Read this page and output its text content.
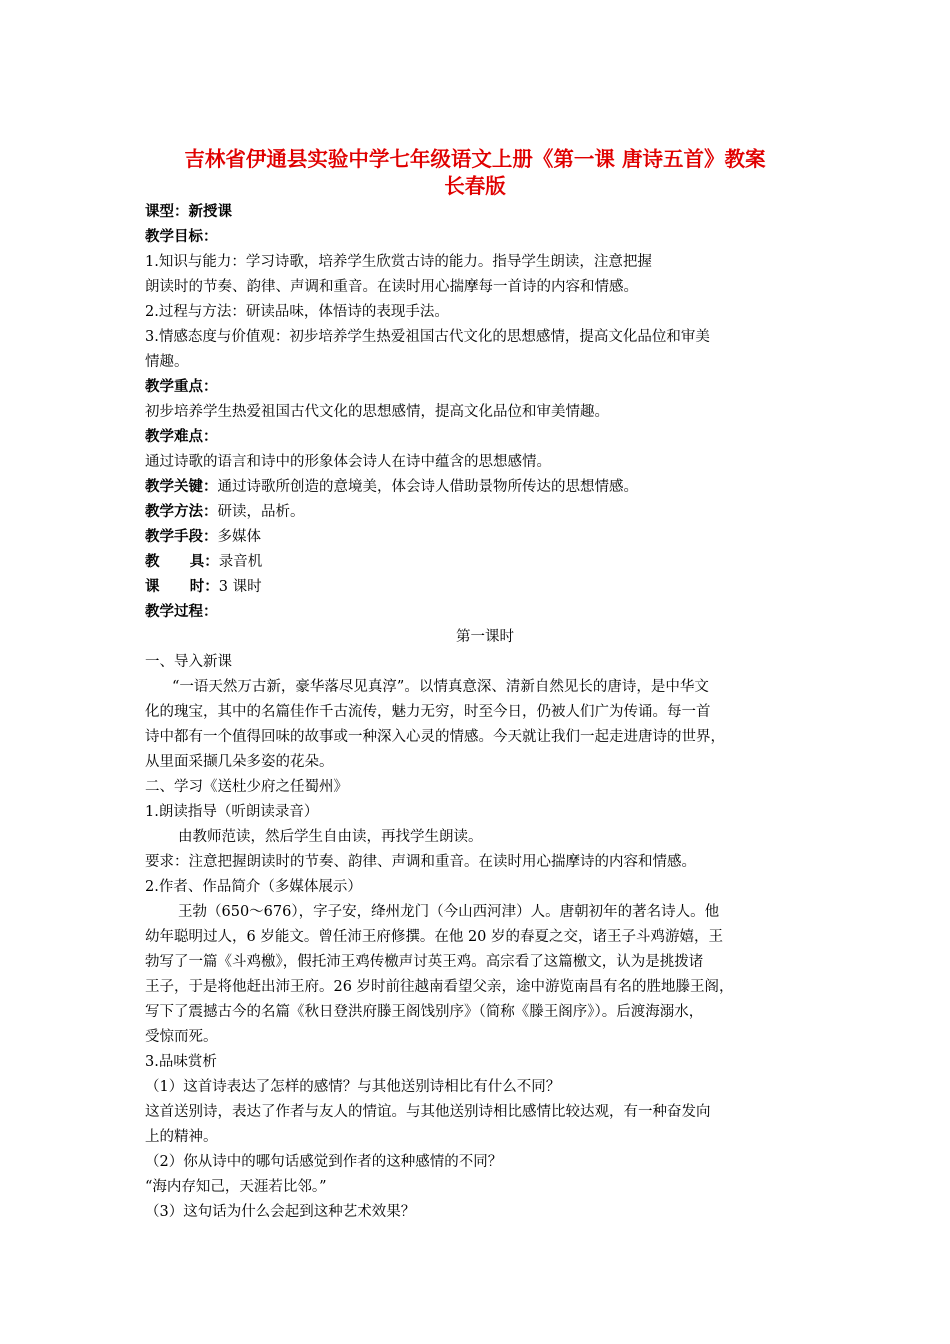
吉林省伊通县实验中学七年级语文上册《第一课 唐诗五首》教案
长春版
课型：新授课
教学目标：
1.知识与能力：学习诗歌，培养学生欣赏古诗的能力。指导学生朗读，注意把握
朗读时的节奏、韵律、声调和重音。在读时用心揣摩每一首诗的内容和情感。
2.过程与方法：研读品味，体悟诗的表现手法。
3.情感态度与价值观：初步培养学生热爱祖国古代文化的思想感情，提高文化品位和审美
情趣。
教学重点：
初步培养学生热爱祖国古代文化的思想感情，提高文化品位和审美情趣。
教学难点：
通过诗歌的语言和诗中的形象体会诗人在诗中蕴含的思想感情。
教学关键：通过诗歌所创造的意境美，体会诗人借助景物所传达的思想情感。
教学方法：研读，品析。
教学手段：多媒体
教      具：录音机
课      时：3 课时
教学过程：
第一课时
一、导入新课
“一语天然万古新，豪华落尽见真淳”。以情真意深、清新自然见长的唐诗，是中华文
化的瑰宝，其中的名篇佳作千古流传，魅力无穷，时至今日，仍被人们广为传诵。每一首
诗中都有一个值得回味的故事或一种深入心灵的情感。今天就让我们一起走进唐诗的世界，
从里面采撷几朵多姿的花朵。
二、学习《送杜少府之任蜀州》
1.朗读指导（听朗读录音）
由教师范读，然后学生自由读，再找学生朗读。
要求：注意把握朗读时的节奏、韵律、声调和重音。在读时用心揣摩诗的内容和情感。
2.作者、作品简介（多媒体展示）
王勃（650～676），字子安，绛州龙门（今山西河津）人。唐朝初年的著名诗人。他
幼年聪明过人，6 岁能文。曾任沛王府修撰。在他 20 岁的春夏之交，诸王子斗鸡游嬉，王
勃写了一篇《斗鸡檄》，假托沛王鸡传檄声讨英王鸡。高宗看了这篇檄文，认为是挑拨诸
王子，于是将他赶出沛王府。26 岁时前往越南看望父亲，途中游览南昌有名的胜地滕王阁，
写下了震撼古今的名篇《秋日登洪府滕王阁饯别序》（简称《滕王阁序》）。后渡海溺水，
受惊而死。
3.品味赏析
（1）这首诗表达了怎样的感情？与其他送别诗相比有什么不同？
这首送别诗，表达了作者与友人的情谊。与其他送别诗相比感情比较达观，有一种奋发向
上的精神。
（2）你从诗中的哪句话感觉到作者的这种感情的不同？
“海内存知己，天涯若比邻。”
（3）这句话为什么会起到这种艺术效果？
